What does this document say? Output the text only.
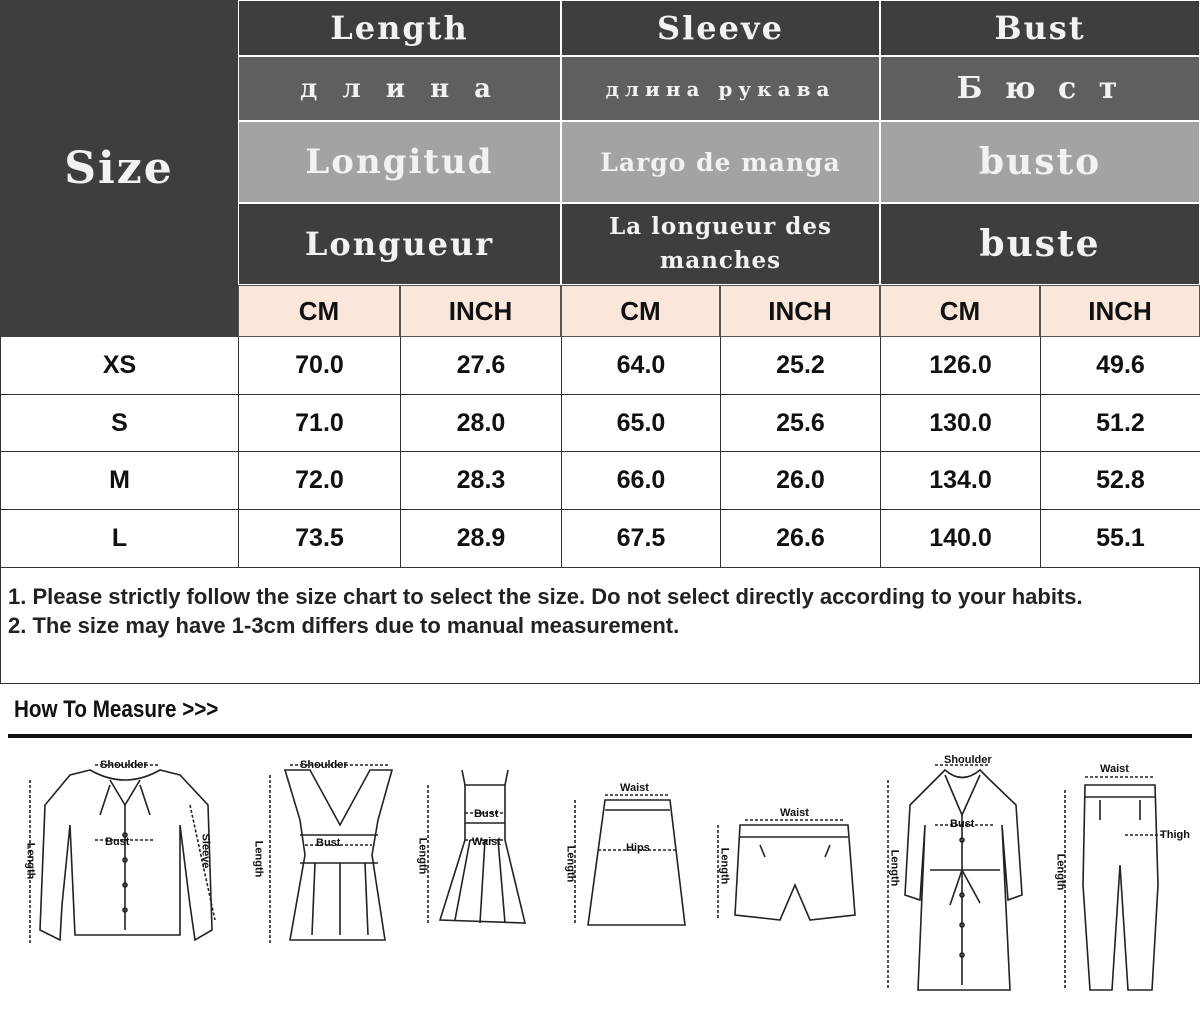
Size
Length
д л и н а
Longitud
Longueur
Sleeve
длина рукава
Largo de manga
La longueur des manches
Bust
Б ю с т
busto
buste
CM	INCH	CM	INCH	CM	INCH
XS	70.0	27.6	64.0	25.2	126.0	49.6
S	71.0	28.0	65.0	25.6	130.0	51.2
M	72.0	28.3	66.0	26.0	134.0	52.8
L	73.5	28.9	67.5	26.6	140.0	55.1
1. Please strictly follow the size chart to select the size. Do not select directly according to your habits.
2. The size may have 1-3cm differs due to manual measurement.
How To Measure >>>
Shoulder
Bust	Sleeve
Length
Shoulder
Bust
Length
Bust
Waist
Length
Waist
Hips
Length
Waist
Length
Shoulder
Bust
Length
Waist
Thigh
Length
